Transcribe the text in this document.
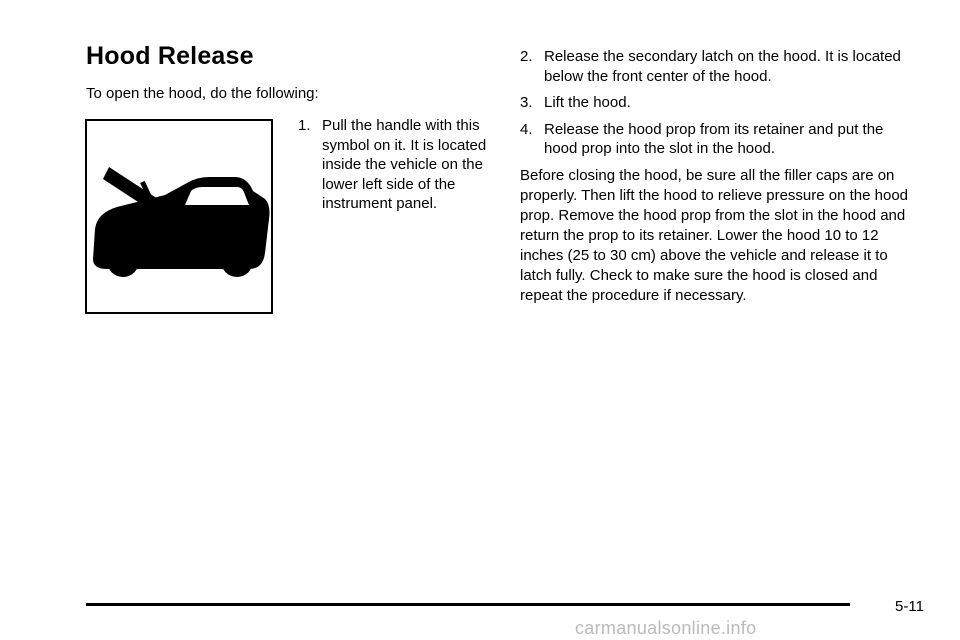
Hood Release

To open the hood, do the following:

1. Pull the handle with this symbol on it. It is located inside the vehicle on the lower left side of the instrument panel.

2. Release the secondary latch on the hood. It is located below the front center of the hood.

3. Lift the hood.

4. Release the hood prop from its retainer and put the hood prop into the slot in the hood.

Before closing the hood, be sure all the filler caps are on properly. Then lift the hood to relieve pressure on the hood prop. Remove the hood prop from the slot in the hood and return the prop to its retainer. Lower the hood 10 to 12 inches (25 to 30 cm) above the vehicle and release it to latch fully. Check to make sure the hood is closed and repeat the procedure if necessary.

5-11

carmanualsonline.info
